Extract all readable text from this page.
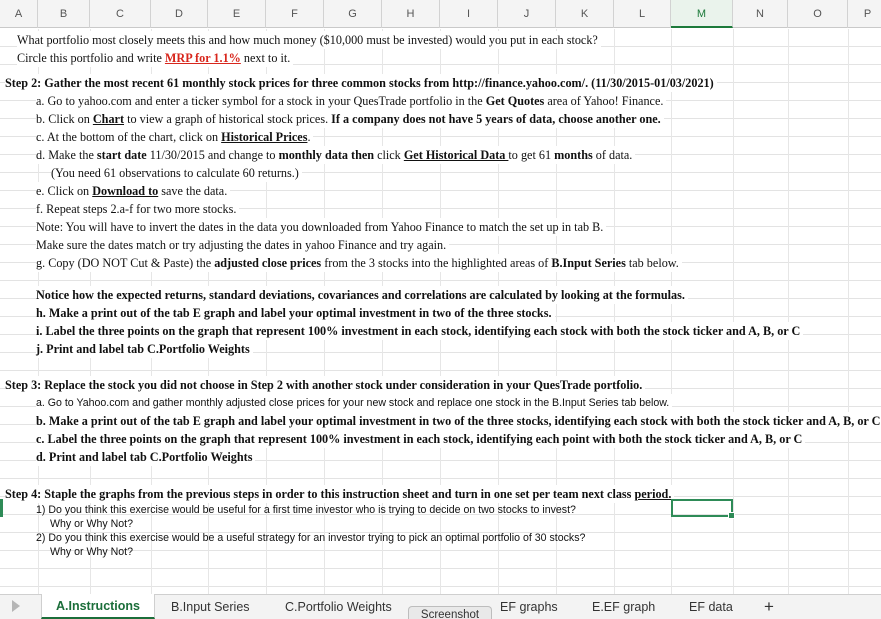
A	B	C	D	E	F	G	H	I	J	K	L	M	N	O	P
What portfolio most closely meets this and how much money ($10,000 must be invested) would you put in each stock?
Circle this portfolio and write MRP for 1.1% next to it.
Step 2: Gather the most recent 61 monthly stock prices for three common stocks from http://finance.yahoo.com/. (11/30/2015-01/03/2021)
a. Go to yahoo.com and enter a ticker symbol for a stock in your QuesTrade portfolio in the Get Quotes area of Yahoo! Finance.
b. Click on Chart to view a graph of historical stock prices. If a company does not have 5 years of data, choose another one.
c. At the bottom of the chart, click on Historical Prices.
d. Make the start date 11/30/2015 and change to monthly data then click Get Historical Data to get 61 months of data.
(You need 61 observations to calculate 60 returns.)
e. Click on Download to save the data.
f. Repeat steps 2.a-f for two more stocks.
Note: You will have to invert the dates in the data you downloaded from Yahoo Finance to match the set up in tab B.
Make sure the dates match or try adjusting the dates in yahoo Finance and try again.
g. Copy (DO NOT Cut & Paste) the adjusted close prices from the 3 stocks into the highlighted areas of B.Input Series tab below.
Notice how the expected returns, standard deviations, covariances and correlations are calculated by looking at the formulas.
h. Make a print out of the tab E graph and label your optimal investment in two of the three stocks.
i. Label the three points on the graph that represent 100% investment in each stock, identifying each stock with both the stock ticker and A, B, or C
j. Print and label tab C.Portfolio Weights
Step 3: Replace the stock you did not choose in Step 2 with another stock under consideration in your QuesTrade portfolio.
a. Go to Yahoo.com and gather monthly adjusted close prices for your new stock and replace one stock in the B.Input Series tab below.
b. Make a print out of the tab E graph and label your optimal investment in two of the three stocks, identifying each stock with both the stock ticker and A, B, or C
c. Label the three points on the graph that represent 100% investment in each stock, identifying each point with both the stock ticker and A, B, or C
d. Print and label tab C.Portfolio Weights
Step 4: Staple the graphs from the previous steps in order to this instruction sheet and turn in one set per team next class period.
1) Do you think this exercise would be useful for a first time investor who is trying to decide on two stocks to invest?
Why or Why Not?
2) Do you think this exercise would be a useful strategy for an investor trying to pick an optimal portfolio of 30 stocks?
Why or Why Not?
A.Instructions	B.Input Series	C.Portfolio Weights	EF graphs	E.EF graph	EF data +
Screenshot
